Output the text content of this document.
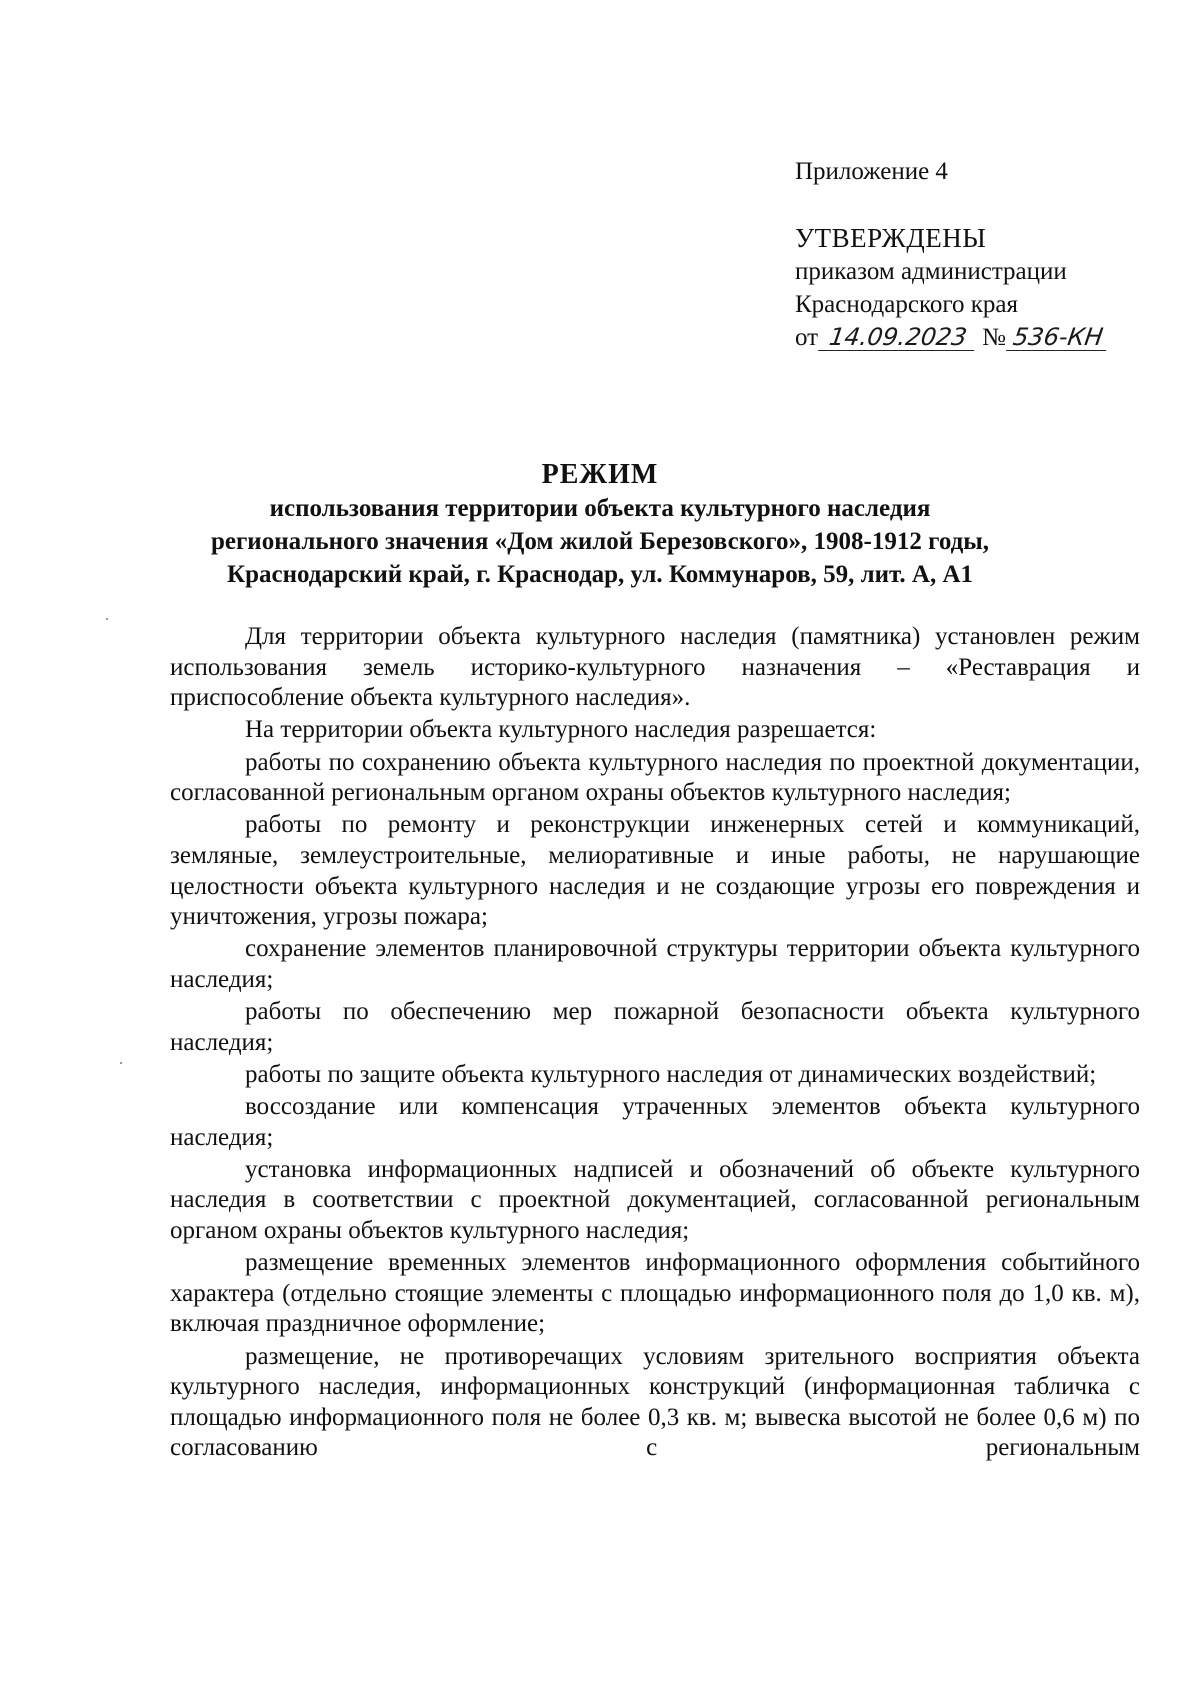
Приложение 4

УТВЕРЖДЕНЫ

приказом администрации

Краснодарского края

от 14.09.2023 № 536-КН

РЕЖИМ

использования территории объекта культурного наследия

регионального значения «Дом жилой Березовского», 1908-1912 годы,

Краснодарский край, г. Краснодар, ул. Коммунаров, 59, лит. А, А1

Для территории объекта культурного наследия (памятника) установлен режим использования земель историко-культурного назначения – «Реставрация и приспособление объекта культурного наследия».

На территории объекта культурного наследия разрешается:

работы по сохранению объекта культурного наследия по проектной документации, согласованной региональным органом охраны объектов культурного наследия;

работы по ремонту и реконструкции инженерных сетей и коммуникаций, земляные, землеустроительные, мелиоративные и иные работы, не нарушающие целостности объекта культурного наследия и не создающие угрозы его повреждения и уничтожения, угрозы пожара;

сохранение элементов планировочной структуры территории объекта культурного наследия;

работы по обеспечению мер пожарной безопасности объекта культурного наследия;

работы по защите объекта культурного наследия от динамических воздействий;

воссоздание или компенсация утраченных элементов объекта культурного наследия;

установка информационных надписей и обозначений об объекте культурного наследия в соответствии с проектной документацией, согласованной региональным органом охраны объектов культурного наследия;

размещение временных элементов информационного оформления событийного характера (отдельно стоящие элементы с площадью информационного поля до 1,0 кв. м), включая праздничное оформление;

размещение, не противоречащих условиям зрительного восприятия объекта культурного наследия, информационных конструкций (информационная табличка с площадью информационного поля не более 0,3 кв. м; вывеска высотой не более 0,6 м) по согласованию с региональным
